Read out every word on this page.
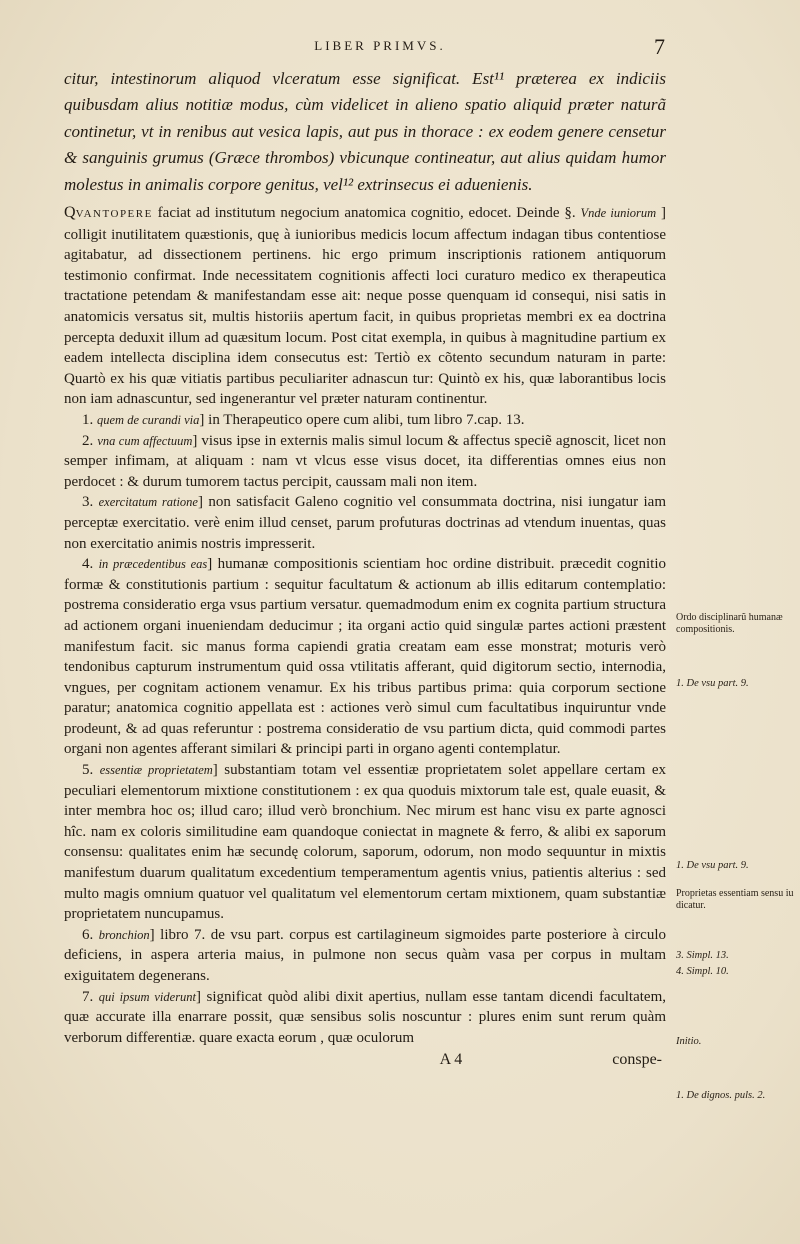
LIBER PRIMVS.	7

citur, intestinorum aliquod vlceratum esse significat. Est¹¹ præterea ex indiciis quibusdam alius notitiæ modus, cùm videlicet in alieno spatio aliquid præter naturã continetur, vt in renibus aut vesica lapis, aut pus in thorace : ex eodem genere censetur & sanguinis grumus (Græce thrombos) vbicunque contineatur, aut alius quidam humor molestus in animalis corpore genitus, vel¹² extrinsecus ei aduenienis.

QVANTOPERE faciat ad institutum negocium anatomica cognitio, edocet. Deinde §. Vnde iuniorum ] colligit inutilitatem quæstionis, quę à iunioribus medicis locum affectum indagan tibus contentiose agitabatur, ad dissectionem pertinens. hic ergo primum inscriptionis rationem antiquorum testimonio confirmat. Inde necessitatem cognitionis affecti loci curaturo medico ex therapeutica tractatione petendam & manifestandam esse ait: neque posse quenquam id consequi, nisi satis in anatomicis versatus sit, multis historiis apertum facit, in quibus proprietas membri ex ea doctrina percepta deduxit illum ad quæsitum locum. Post citat exempla, in quibus à magnitudine partium ex eadem intellecta disciplina idem consecutus est: Tertiò ex cõtento secundum naturam in parte: Quartò ex his quæ vitiatis partibus peculiariter adnascun tur: Quintò ex his, quæ laborantibus locis non iam adnascuntur, sed ingenerantur vel præter naturam continentur.

1. quem de curandi via] in Therapeutico opere cum alibi, tum libro 7.cap. 13.

2. vna cum affectuum] visus ipse in externis malis simul locum & affectus speciẽ agnoscit, licet non semper infimam, at aliquam : nam vt vlcus esse visus docet, ita differentias omnes eius non perdocet : & durum tumorem tactus percipit, caussam mali non item.

3. exercitatum ratione] non satisfacit Galeno cognitio vel consummata doctrina, nisi iungatur iam perceptæ exercitatio. verè enim illud censet, parum profuturas doctrinas ad vtendum inuentas, quas non exercitatio animis nostris impresserit.

4. in præcedentibus eas] humanæ compositionis scientiam hoc ordine distribuit. præcedit cognitio formæ & constitutionis partium : sequitur facultatum & actionum ab illis editarum contemplatio: postrema consideratio erga vsus partium versatur. quemadmodum enim ex cognita partium structura ad actionem organi inueniendam deducimur ; ita organi actio quid singulæ partes actioni præstent manifestum facit. sic manus forma capiendi gratia creatam eam esse monstrat; moturis verò tendonibus capturum instrumentum quid ossa vtilitatis afferant, quid digitorum sectio, internodia, vngues, per cognitam actionem venamur. Ex his tribus partibus prima: quia corporum sectione paratur; anatomica cognitio appellata est : actiones verò simul cum facultatibus inquiruntur vnde prodeunt, & ad quas referuntur : postrema consideratio de vsu partium dicta, quid commodi partes organi non agentes afferant similari & principi parti in organo agenti contemplatur.

5. essentiæ proprietatem] substantiam totam vel essentiæ proprietatem solet appellare certam ex peculiari elementorum mixtione constitutionem : ex qua quoduis mixtorum tale est, quale euasit, & inter membra hoc os; illud caro; illud verò bronchium. Nec mirum est hanc visu ex parte agnosci hîc. nam ex coloris similitudine eam quandoque coniectat in magnete & ferro, & alibi ex saporum consensu: qualitates enim hæ secundę colorum, saporum, odorum, non modo sequuntur in mixtis manifestum duarum qualitatum excedentium temperamentum agentis vnius, patientis alterius : sed multo magis omnium quatuor vel qualitatum vel elementorum certam mixtionem, quam substantiæ proprietatem nuncupamus.

6. bronchion] libro 7. de vsu part. corpus est cartilagineum sigmoides parte posteriore à circulo deficiens, in aspera arteria maius, in pulmone non secus quàm vasa per corpus in multam exiguitatem degenerans.

7. qui ipsum viderunt] significat quòd alibi dixit apertius, nullam esse tantam dicendi facultatem, quæ accurate illa enarrare possit, quæ sensibus solis noscuntur : plures enim sunt rerum quàm verborum differentiæ. quare exacta eorum , quæ oculorum

A 4	conspe-
Ordo disciplinarũ humanæ compositionis.
1. De vsu part. 9.
1. De vsu part. 9.
Proprietas essentiam sensu iu dicatur.
3. Simpl. 13.
4. Simpl. 10.
Initio.
1. De dignos. puls. 2.
